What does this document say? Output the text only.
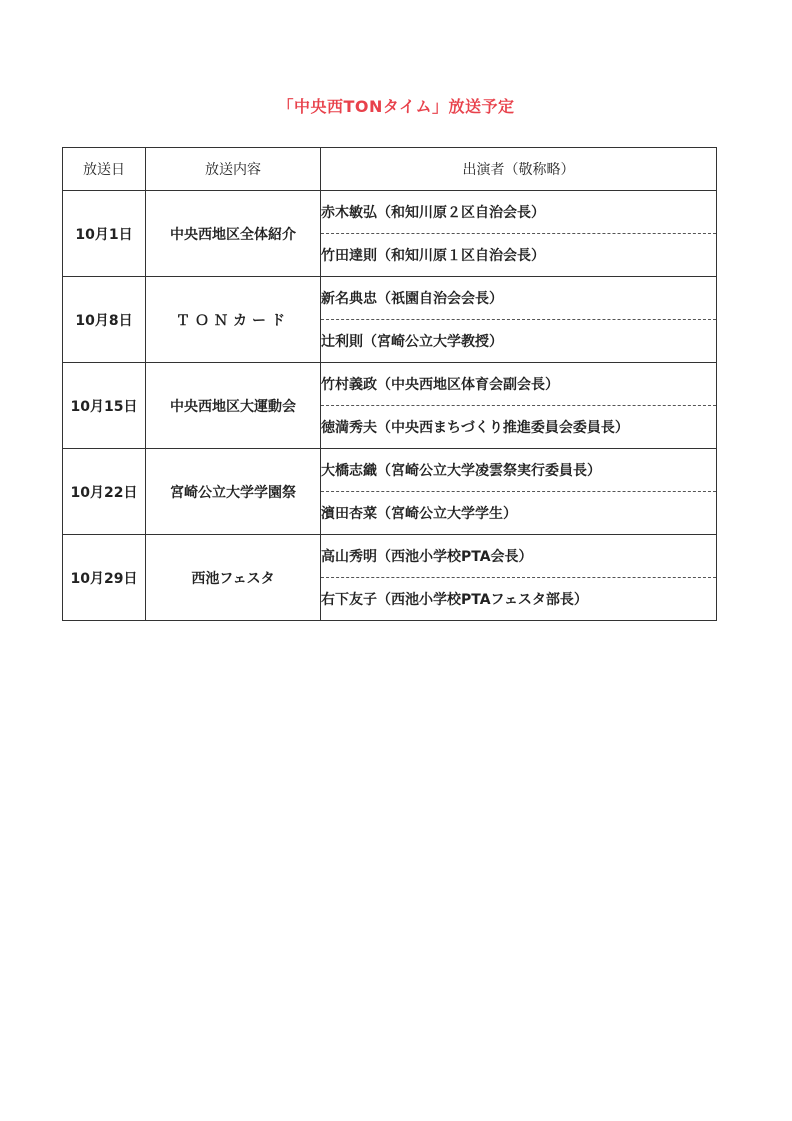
「中央西TONタイム」放送予定
放送日	放送内容	出演者（敬称略）
10月1日	中央西地区全体紹介	赤木敏弘（和知川原２区自治会長）
		竹田達則（和知川原１区自治会長）
10月8日	ＴＯＮカード	新名典忠（祇園自治会会長）
		辻利則（宮崎公立大学教授）
10月15日	中央西地区大運動会	竹村義政（中央西地区体育会副会長）
		徳満秀夫（中央西まちづくり推進委員会委員長）
10月22日	宮崎公立大学学園祭	大橋志織（宮崎公立大学凌雲祭実行委員長）
		濱田杏菜（宮崎公立大学学生）
10月29日	西池フェスタ	高山秀明（西池小学校PTA会長）
		右下友子（西池小学校PTAフェスタ部長）
